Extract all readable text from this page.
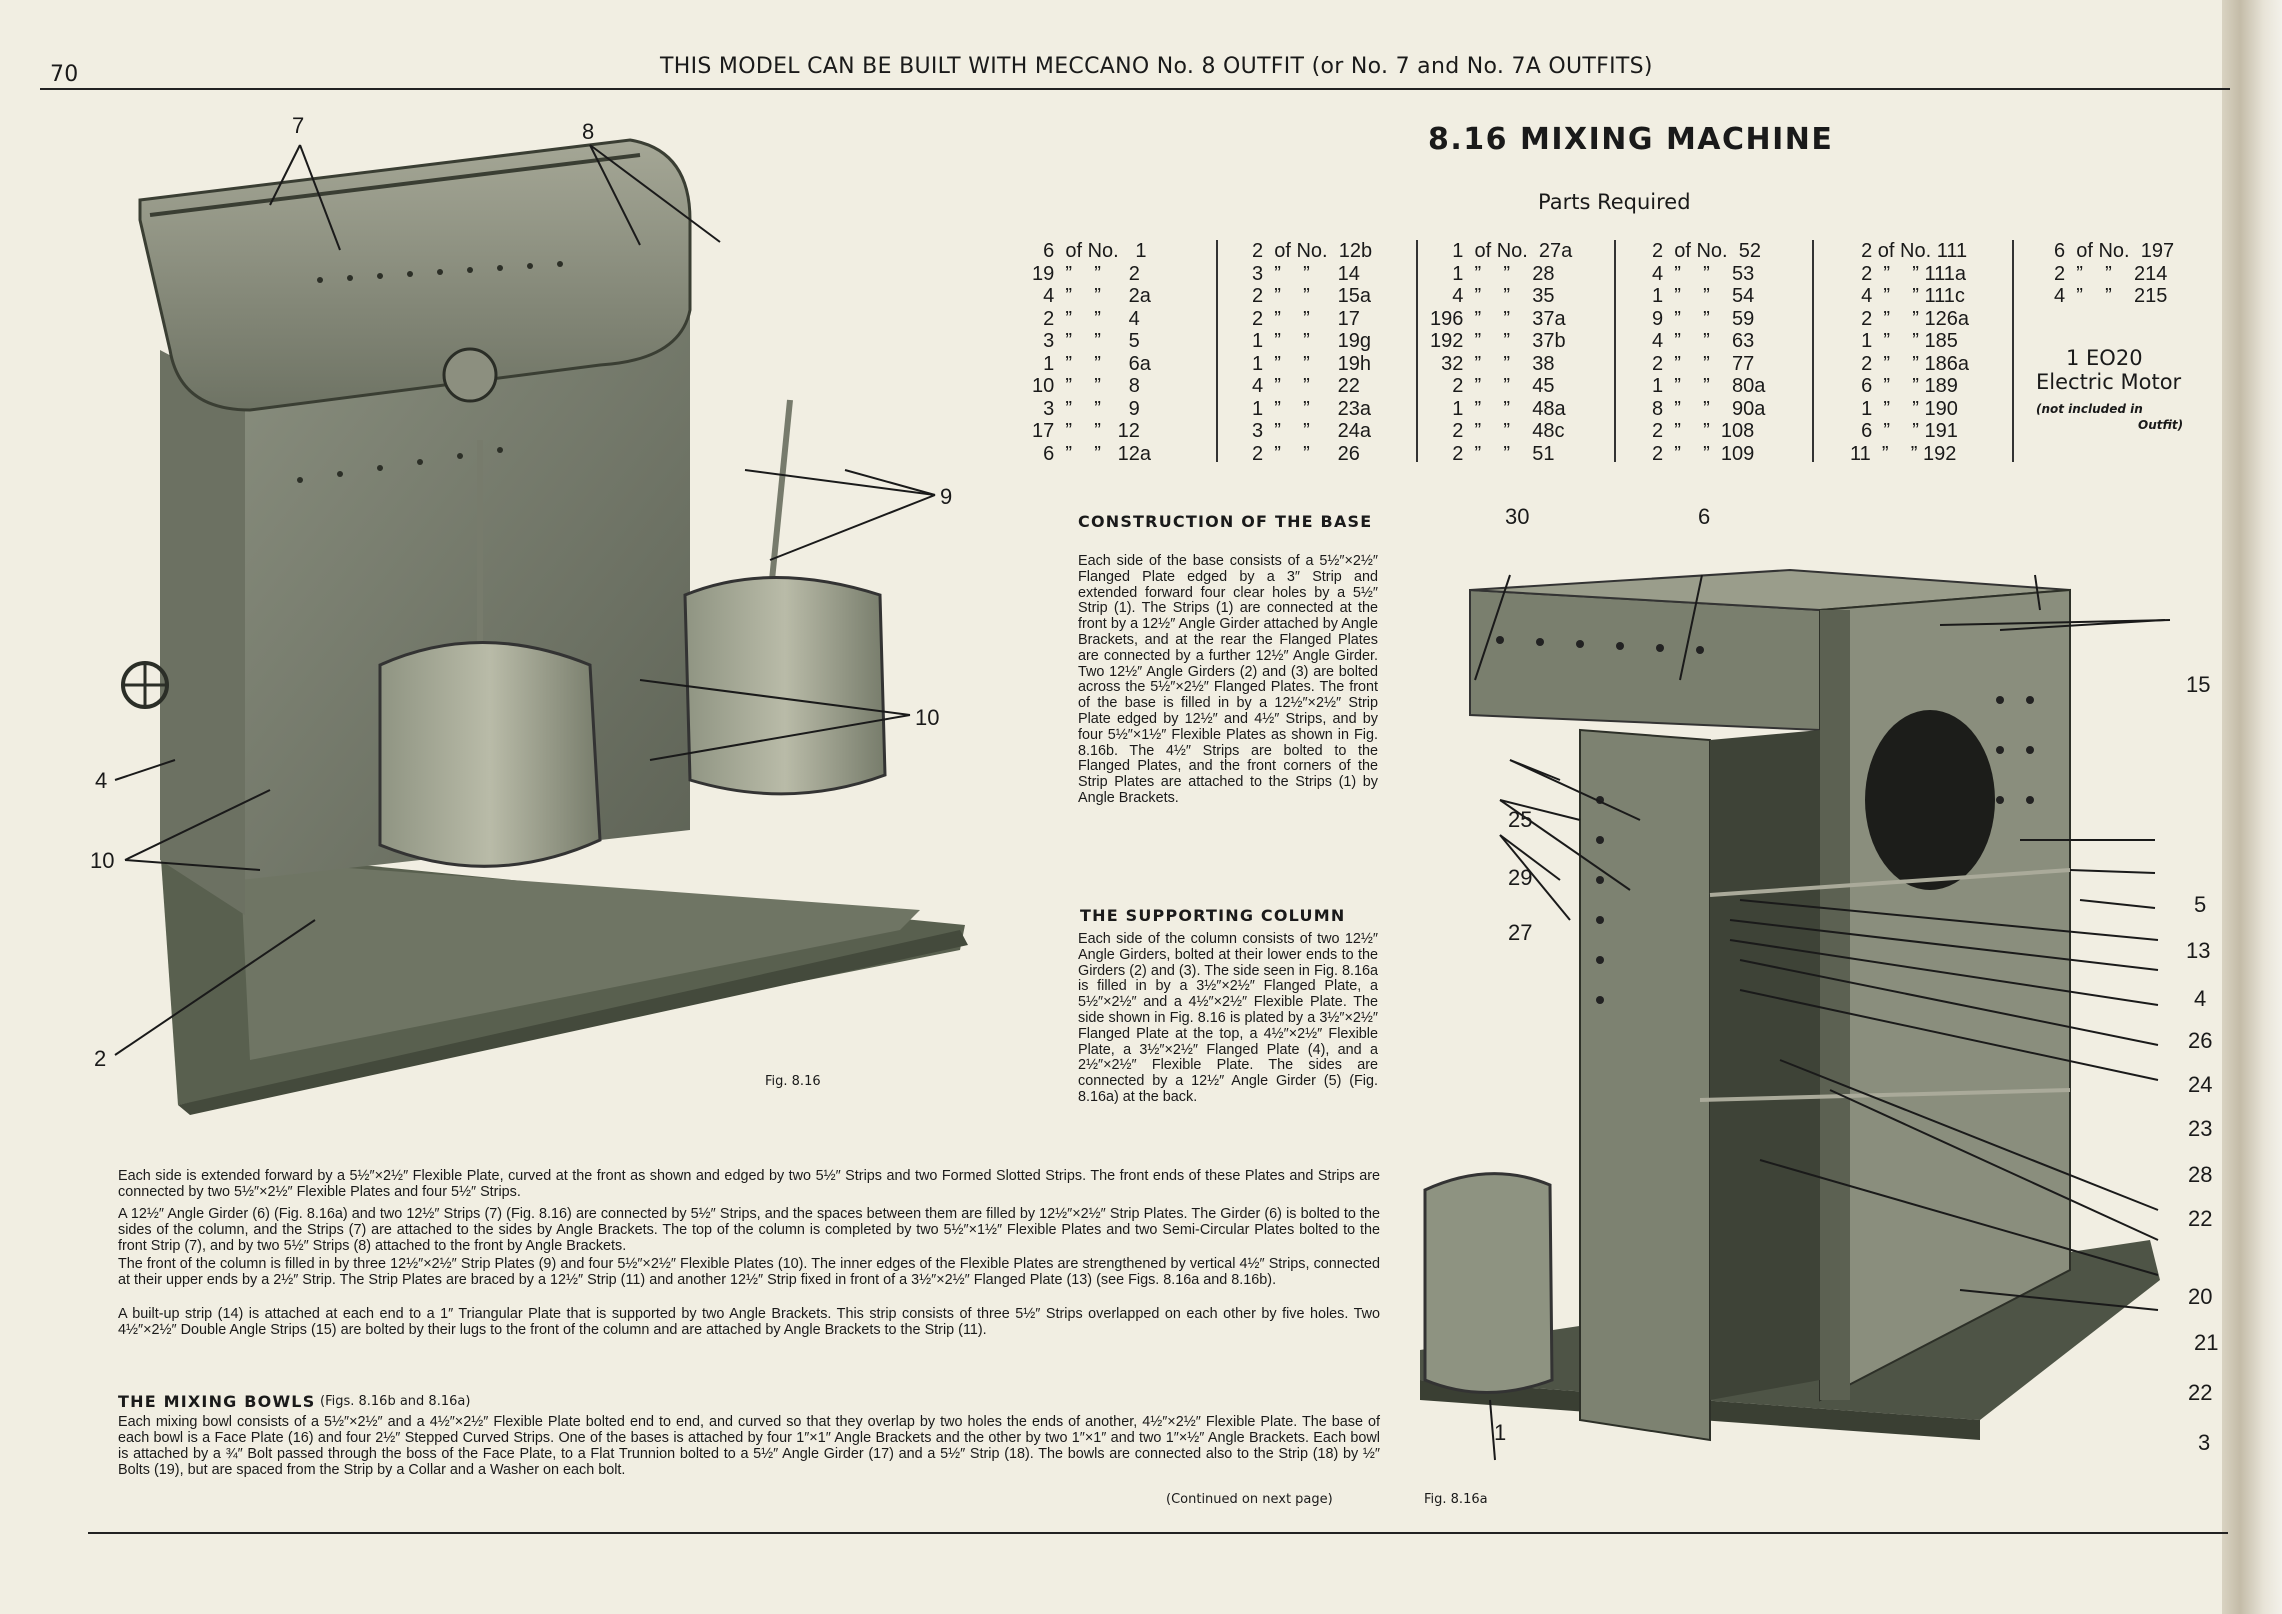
70	THIS MODEL CAN BE BUILT WITH MECCANO No. 8 OUTFIT (or No. 7 and No. 7A OUTFITS)
8.16 MIXING MACHINE
Parts Required
6  of No.   1
19  ”    ”     2
4  ”    ”     2a
2  ”    ”     4
3  ”    ”     5
1  ”    ”     6a
10  ”    ”     8
3  ”    ”     9
17  ”    ”   12
6  ”    ”   12a
2  of No.  12b
3  ”    ”     14
2  ”    ”     15a
2  ”    ”     17
1  ”    ”     19g
1  ”    ”     19h
4  ”    ”     22
1  ”    ”     23a
3  ”    ”     24a
2  ”    ”     26
1  of No.  27a
1  ”    ”    28
4  ”    ”    35
196  ”    ”    37a
192  ”    ”    37b
32  ”    ”    38
2  ”    ”    45
1  ”    ”    48a
2  ”    ”    48c
2  ”    ”    51
2  of No.  52
4  ”    ”    53
1  ”    ”    54
9  ”    ”    59
4  ”    ”    63
2  ”    ”    77
1  ”    ”    80a
8  ”    ”    90a
2  ”    ”  108
2  ”    ”  109
2 of No. 111
2  ”    ” 111a
4  ”    ” 111c
2  ”    ” 126a
1  ”    ” 185
2  ”    ” 186a
6  ”    ” 189
1  ”    ” 190
6  ”    ” 191
11  ”    ” 192
6  of No.  197
2  ”    ”    214
4  ”    ”    215
1 EO20
Electric Motor
(not included in
Outfit)
CONSTRUCTION OF THE BASE
Each side of the base consists of a 5½″×2½″ Flanged Plate edged by a 3″ Strip and extended forward four clear holes by a 5½″ Strip (1). The Strips (1) are connected at the front by a 12½″ Angle Girder attached by Angle Brackets, and at the rear the Flanged Plates are connected by a further 12½″ Angle Girder. Two 12½″ Angle Girders (2) and (3) are bolted across the 5½″×2½″ Flanged Plates. The front of the base is filled in by a 12½″×2½″ Strip Plate edged by 12½″ and 4½″ Strips, and by four 5½″×1½″ Flexible Plates as shown in Fig. 8.16b. The 4½″ Strips are bolted to the Flanged Plates, and the front corners of the Strip Plates are attached to the Strips (1) by Angle Brackets.
THE SUPPORTING COLUMN
Each side of the column consists of two 12½″ Angle Girders, bolted at their lower ends to the Girders (2) and (3). The side seen in Fig. 8.16a is filled in by a 3½″×2½″ Flanged Plate, a 5½″×2½″ and a 4½″×2½″ Flexible Plate. The side shown in Fig. 8.16 is plated by a 3½″×2½″ Flanged Plate at the top, a 4½″×2½″ Flexible Plate, a 3½″×2½″ Flanged Plate (4), and a 2½″×2½″ Flexible Plate. The sides are connected by a 12½″ Angle Girder (5) (Fig. 8.16a) at the back.
Each side is extended forward by a 5½″×2½″ Flexible Plate, curved at the front as shown and edged by two 5½″ Strips and two Formed Slotted Strips. The front ends of these Plates and Strips are connected by two 5½″×2½″ Flexible Plates and four 5½″ Strips.
A 12½″ Angle Girder (6) (Fig. 8.16a) and two 12½″ Strips (7) (Fig. 8.16) are connected by 5½″ Strips, and the spaces between them are filled by 12½″×2½″ Strip Plates. The Girder (6) is bolted to the sides of the column, and the Strips (7) are attached to the sides by Angle Brackets. The top of the column is completed by two 5½″×1½″ Flexible Plates and two Semi-Circular Plates bolted to the front Strip (7), and by two 5½″ Strips (8) attached to the front by Angle Brackets.
The front of the column is filled in by three 12½″×2½″ Strip Plates (9) and four 5½″×2½″ Flexible Plates (10). The inner edges of the Flexible Plates are strengthened by vertical 4½″ Strips, connected at their upper ends by a 2½″ Strip. The Strip Plates are braced by a 12½″ Strip (11) and another 12½″ Strip fixed in front of a 3½″×2½″ Flanged Plate (13) (see Figs. 8.16a and 8.16b).
A built-up strip (14) is attached at each end to a 1″ Triangular Plate that is supported by two Angle Brackets. This strip consists of three 5½″ Strips overlapped on each other by five holes. Two 4½″×2½″ Double Angle Strips (15) are bolted by their lugs to the front of the column and are attached by Angle Brackets to the Strip (11).
THE MIXING BOWLS (Figs. 8.16b and 8.16a)
Each mixing bowl consists of a 5½″×2½″ and a 4½″×2½″ Flexible Plate bolted end to end, and curved so that they overlap by two holes the ends of another, 4½″×2½″ Flexible Plate. The base of each bowl is a Face Plate (16) and four 2½″ Stepped Curved Strips. One of the bases is attached by four 1″×1″ Angle Brackets and the other by two 1″×1″ and two 1″×½″ Angle Brackets. Each bowl is attached by a ¾″ Bolt passed through the boss of the Face Plate, to a Flat Trunnion bolted to a 5½″ Angle Girder (17) and a 5½″ Strip (18). The bowls are connected also to the Strip (18) by ½″ Bolts (19), but are spaced from the Strip by a Collar and a Washer on each bolt.
(Continued on next page)
7	8
9
10
4
10
2
Fig. 8.16
30	6
15
25
29
27
5
13
4
26
24
23
28
22
20
21
22
3
1
Fig. 8.16a
